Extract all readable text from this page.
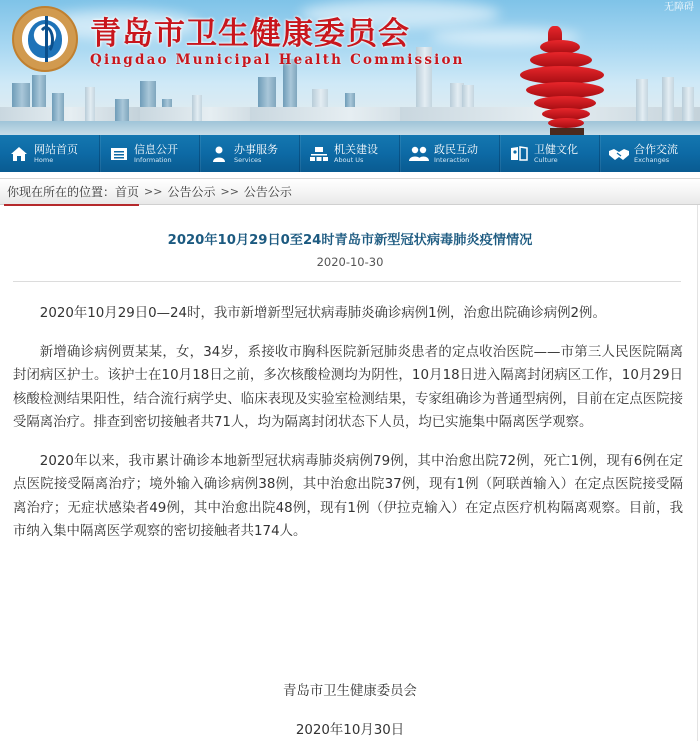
青岛市卫生健康委员会
Qingdao Municipal Health Commission
无障碍
网站首页
Home
信息公开
Information
办事服务
Services
机关建设
About Us
政民互动
Interaction
卫健文化
Culture
合作交流
Exchanges
你现在所在的位置： 首页 >> 公告公示 >> 公告公示
2020年10月29日0至24时青岛市新型冠状病毒肺炎疫情情况
2020-10-30

2020年10月29日0—24时，我市新增新型冠状病毒肺炎确诊病例1例，治愈出院确诊病例2例。

新增确诊病例贾某某，女，34岁，系接收市胸科医院新冠肺炎患者的定点收治医院——市第三人民医院隔离封闭病区护士。该护士在10月18日之前，多次核酸检测均为阴性，10月18日进入隔离封闭病区工作，10月29日核酸检测结果阳性，结合流行病学史、临床表现及实验室检测结果，专家组确诊为普通型病例，目前在定点医院接受隔离治疗。排查到密切接触者共71人，均为隔离封闭状态下人员，均已实施集中隔离医学观察。

2020年以来，我市累计确诊本地新型冠状病毒肺炎病例79例，其中治愈出院72例，死亡1例，现有6例在定点医院接受隔离治疗；境外输入确诊病例38例，其中治愈出院37例，现有1例（阿联酋输入）在定点医院接受隔离治疗；无症状感染者49例，其中治愈出院48例，现有1例（伊拉克输入）在定点医疗机构隔离观察。目前，我市纳入集中隔离医学观察的密切接触者共174人。

青岛市卫生健康委员会
2020年10月30日
